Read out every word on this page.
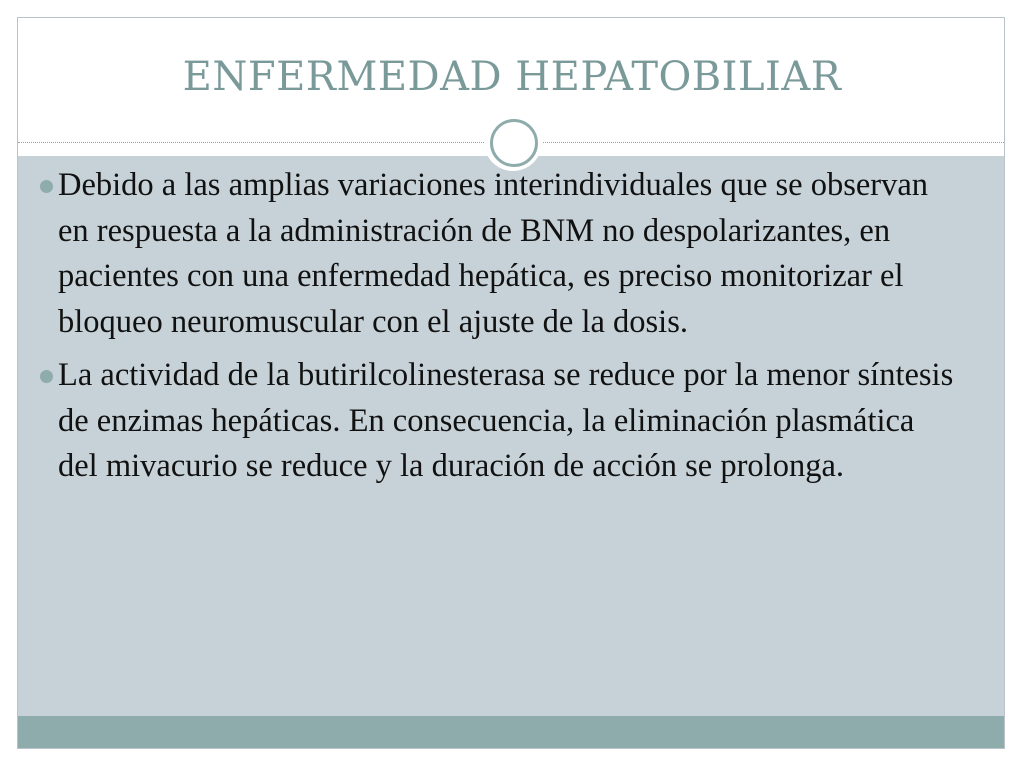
ENFERMEDAD HEPATOBILIAR
Debido a las amplias variaciones interindividuales que se observan en respuesta a la administración de BNM no despolarizantes, en pacientes con una enfermedad hepática, es preciso monitorizar el bloqueo neuromuscular con el ajuste de la dosis.
La actividad de la butirilcolinesterasa se reduce por la menor síntesis de enzimas hepáticas. En consecuencia, la eliminación plasmática del mivacurio se reduce y la duración de acción se prolonga.
